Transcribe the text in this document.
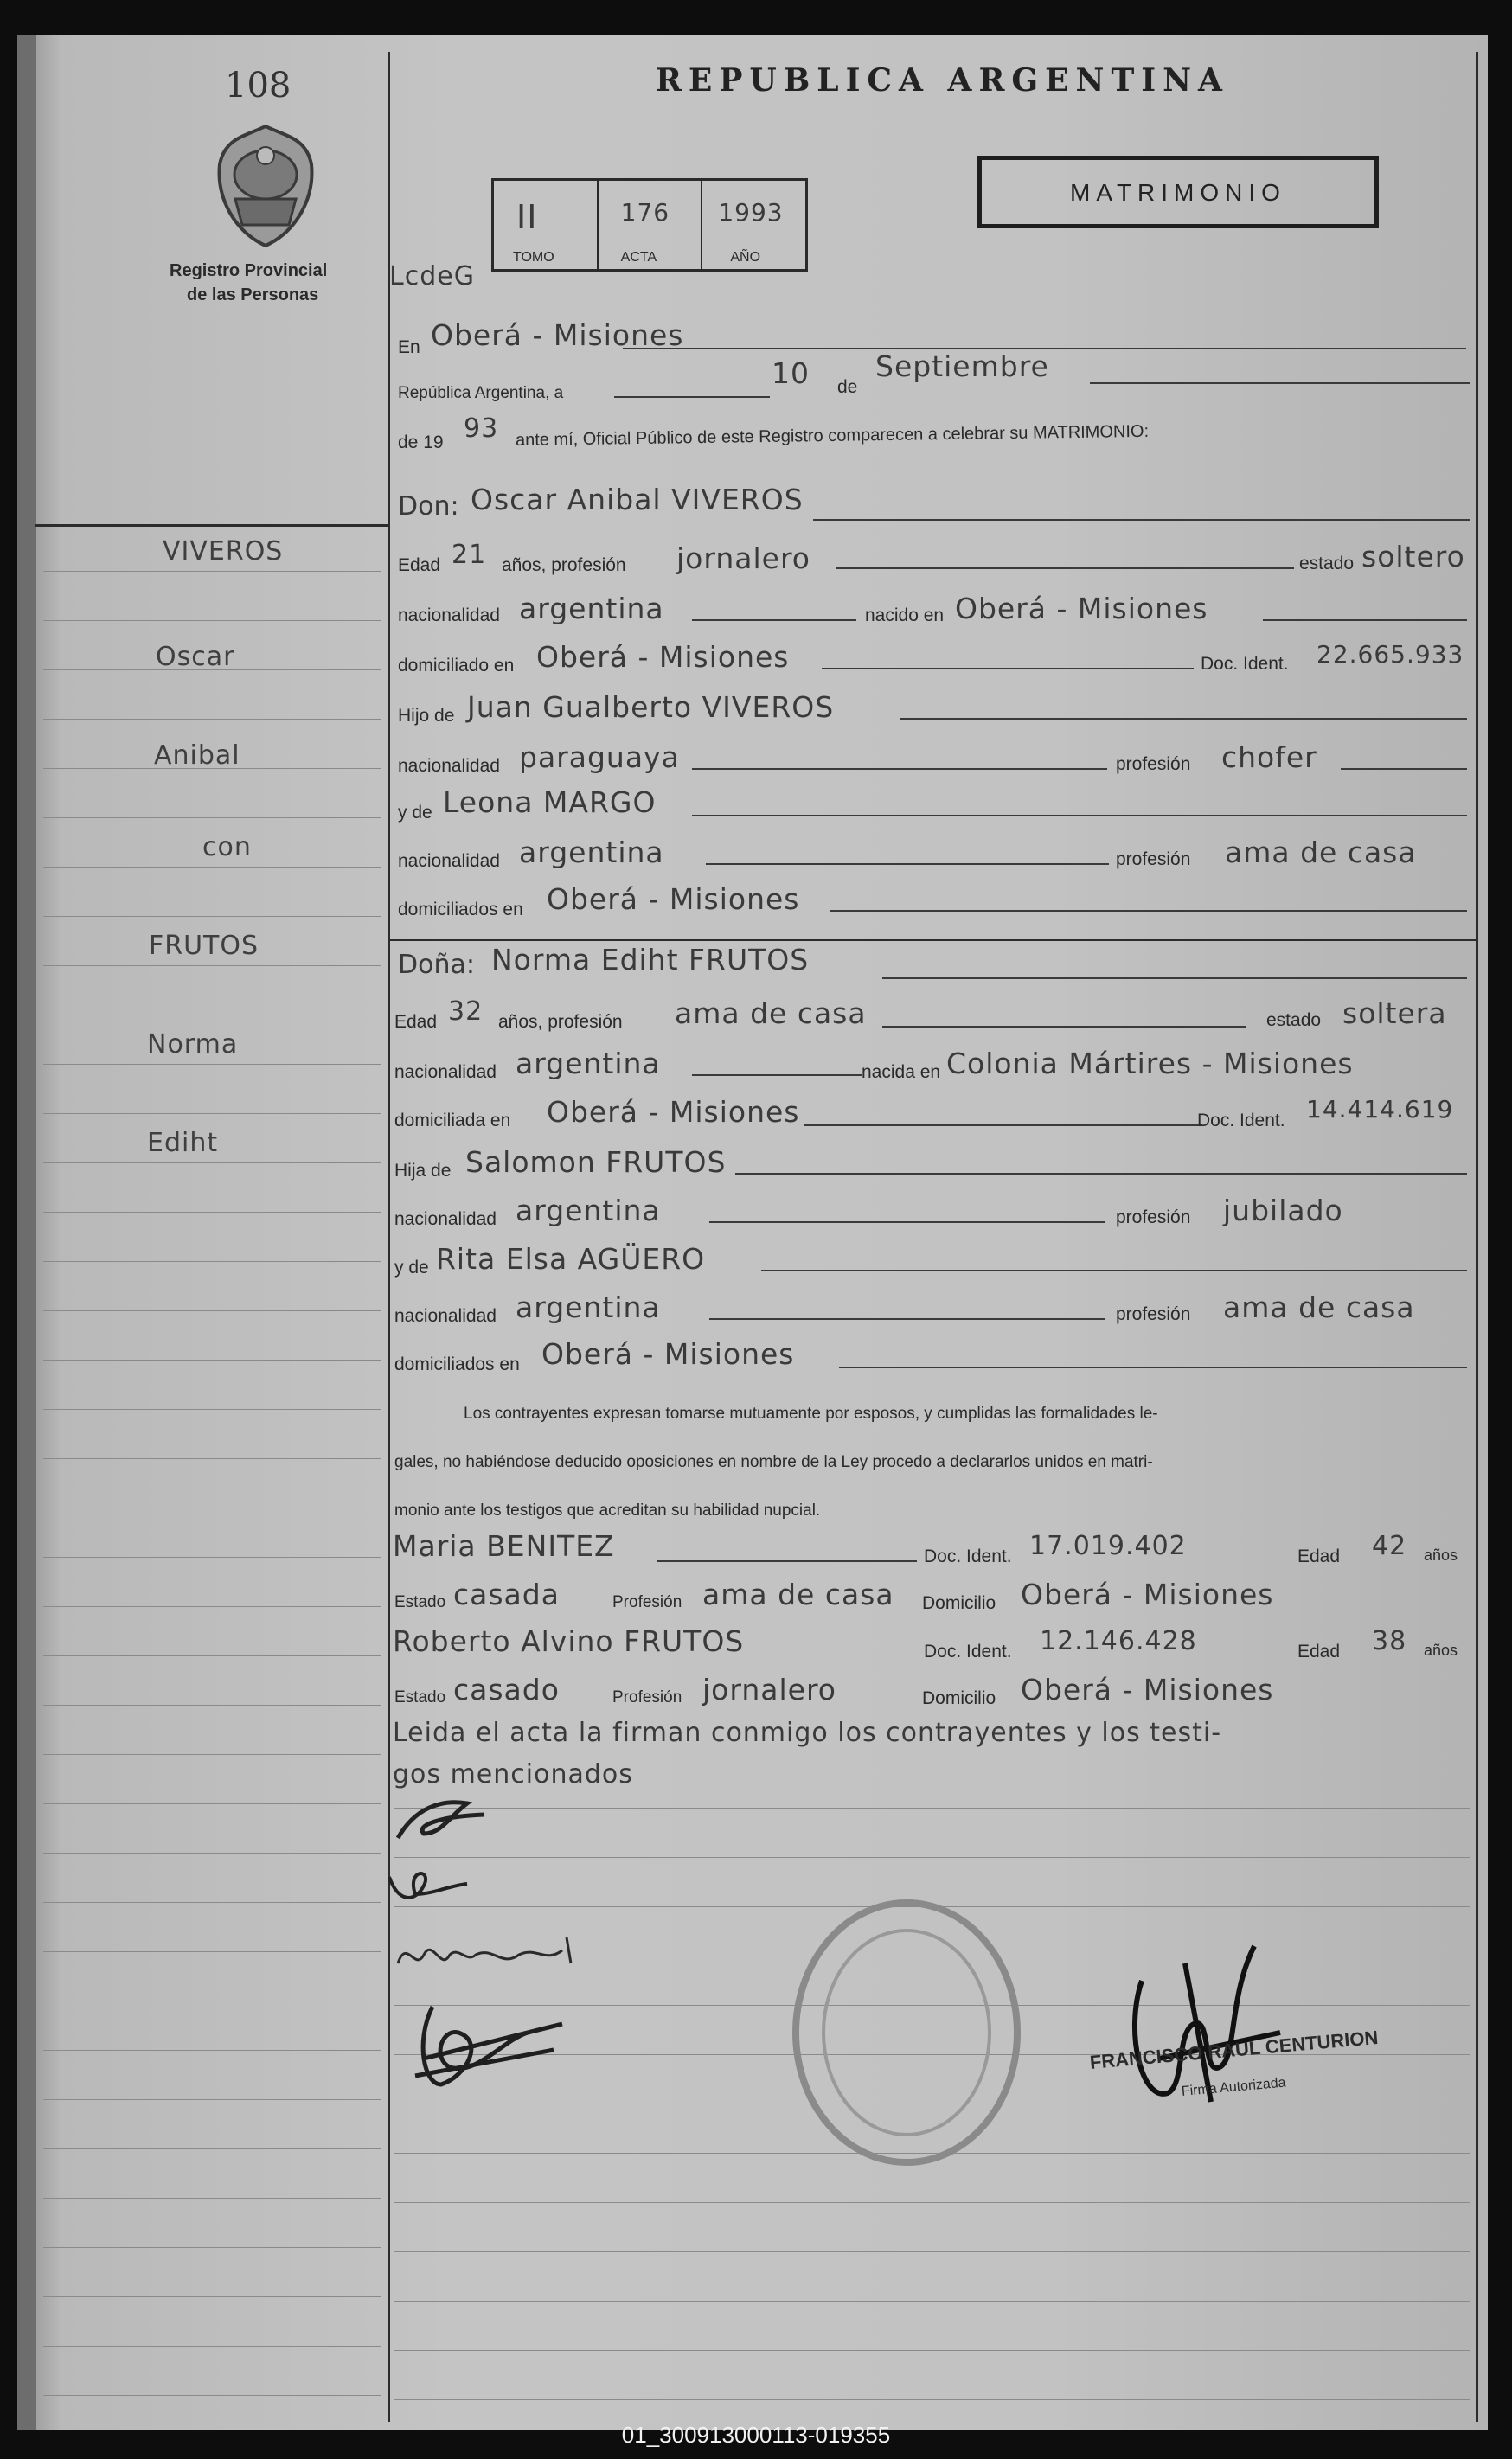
108
Registro Provincial
de las Personas
REPUBLICA ARGENTINA
MATRIMONIO
II
TOMO
176
ACTA
1993
AÑO
LcdeG
VIVEROS
Oscar
Anibal
con
FRUTOS
Norma
Ediht
En Oberá - Misiones
República Argentina, a
10 de
Septiembre
de 19 93 ante mí, Oficial Público de este Registro comparecen a celebrar su MATRIMONIO:
Don: Oscar Anibal VIVEROS
Edad 21 años, profesión jornalero	estado soltero
nacionalidad argentina	nacido en Oberá - Misiones
domiciliado en Oberá - Misiones	Doc. Ident. 22.665.933
Hijo de Juan Gualberto VIVEROS
nacionalidad paraguaya	profesión chofer
y de Leona MARGO
nacionalidad argentina	profesión ama de casa
domiciliados en Oberá - Misiones
Doña: Norma Ediht FRUTOS
Edad 32 años, profesión ama de casa	estado soltera
nacionalidad argentina	nacida en Colonia Mártires - Misiones
domiciliada en Oberá - Misiones	Doc. Ident. 14.414.619
Hija de Salomon FRUTOS
nacionalidad argentina	profesión jubilado
y de Rita Elsa AGÜERO
nacionalidad argentina	profesión ama de casa
domiciliados en Oberá - Misiones
Los contrayentes expresan tomarse mutuamente por esposos, y cumplidas las formalidades le-
gales, no habiéndose deducido oposiciones en nombre de la Ley procedo a declararlos unidos en matri-
monio ante los testigos que acreditan su habilidad nupcial.
Maria BENITEZ	Doc. Ident. 17.019.402	Edad 42 años
Estado casada	Profesión ama de casa Domicilio Oberá - Misiones
Roberto Alvino FRUTOS	Doc. Ident. 12.146.428	Edad 38 años
Estado casado	Profesión jornalero	Domicilio Oberá - Misiones
Leida el acta la firman conmigo los contrayentes y los testi-
gos mencionados
FRANCISCO RAUL CENTURION
Firma Autorizada
01_300913000113-019355
